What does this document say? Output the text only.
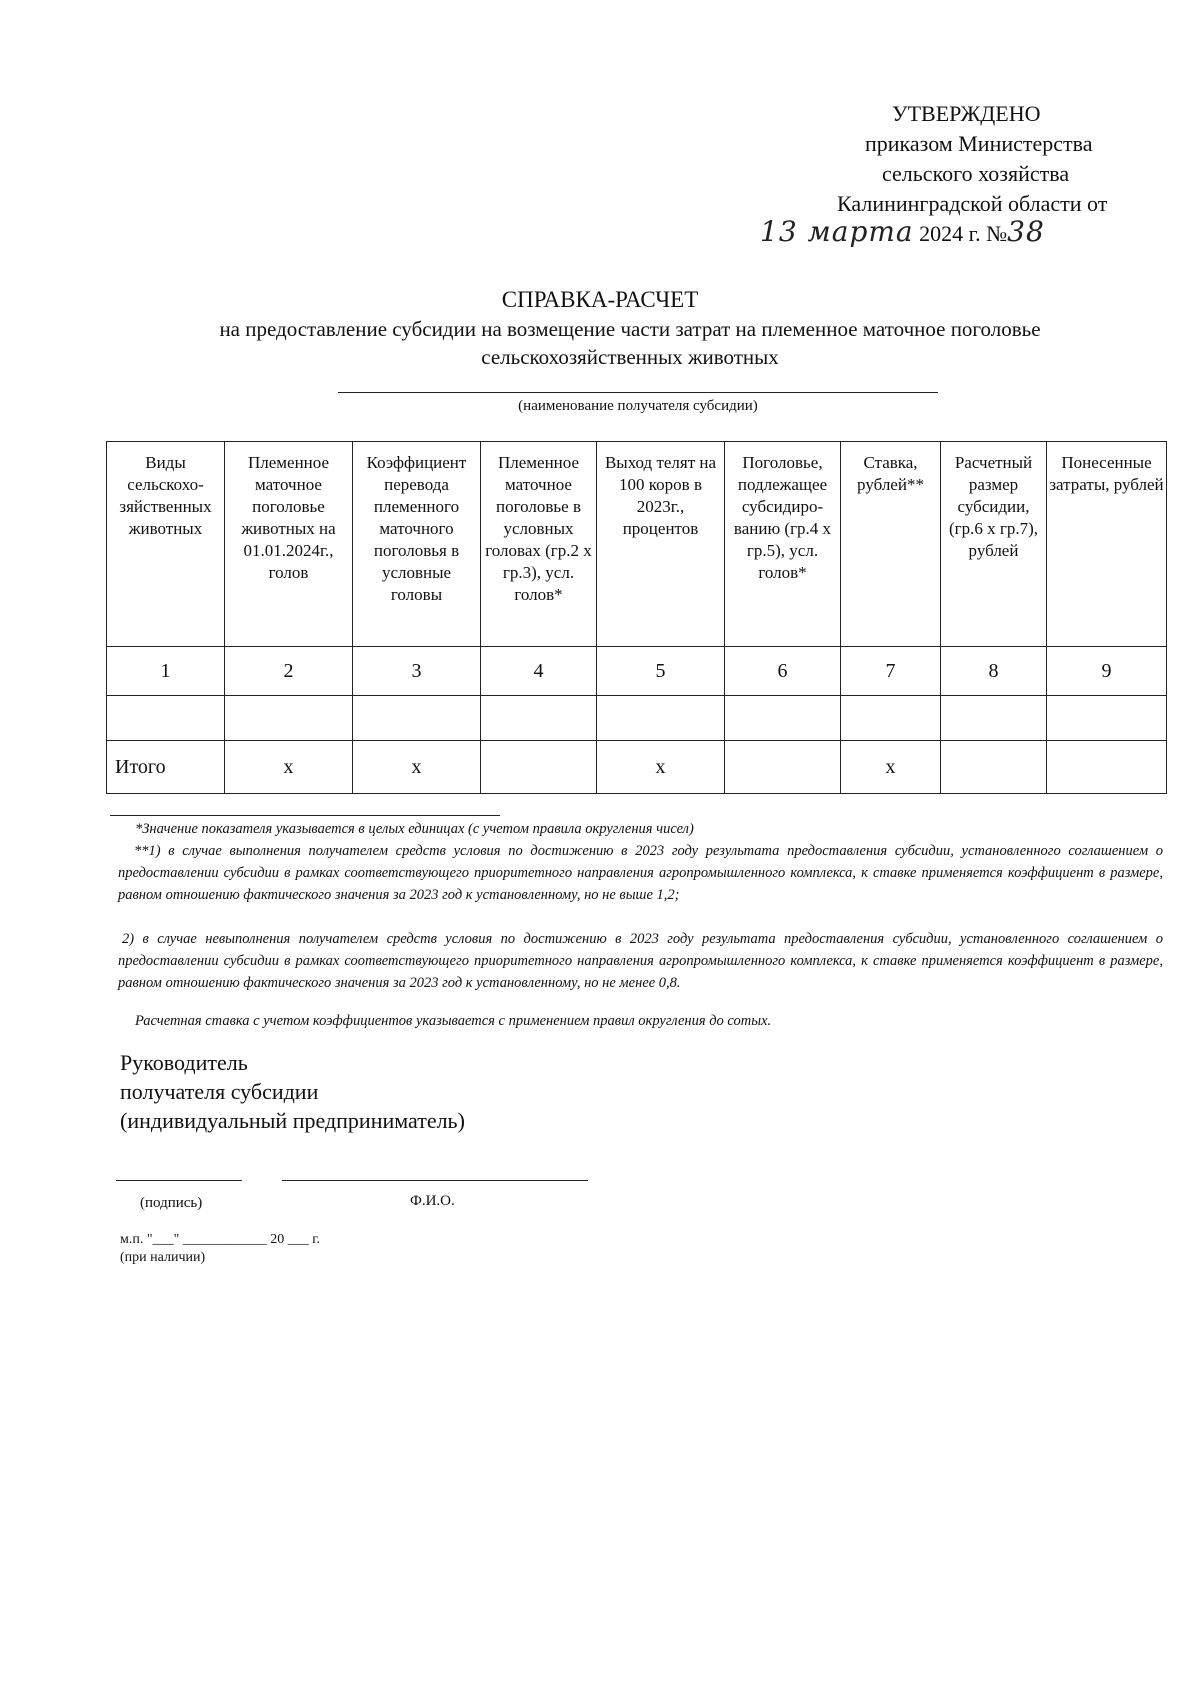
УТВЕРЖДЕНО
приказом Министерства
сельского хозяйства
Калининградской области от
13 марта 2024 г. №38
СПРАВКА-РАСЧЕТ
на предоставление субсидии на возмещение части затрат на племенное маточное поголовье сельскохозяйственных животных
(наименование получателя субсидии)
Виды сельскохо-зяйственных животных	Племенное маточное поголовье животных на 01.01.2024г., голов	Коэффициент перевода племенного маточного поголовья в условные головы	Племенное маточное поголовье в условных головах (гр.2 х гр.3), усл. голов*	Выход телят на 100 коров в 2023г., процентов	Поголовье, подлежащее субсидиро-ванию (гр.4 х гр.5), усл. голов*	Ставка, рублей**	Расчетный размер субсидии, (гр.6 х гр.7), рублей	Понесенные затраты, рублей
1	2	3	4	5	6	7	8	9

Итого	х	х		х		х		
*Значение показателя указывается в целых единицах (с учетом правила округления чисел)
**1) в случае выполнения получателем средств условия по достижению в 2023 году результата предоставления субсидии, установленного соглашением о предоставлении субсидии в рамках соответствующего приоритетного направления агропромышленного комплекса, к ставке применяется коэффициент в размере, равном отношению фактического значения за 2023 год к установленному, но не выше 1,2;
2) в случае невыполнения получателем средств условия по достижению в 2023 году результата предоставления субсидии, установленного соглашением о предоставлении субсидии в рамках соответствующего приоритетного направления агропромышленного комплекса, к ставке применяется коэффициент в размере, равном отношению фактического значения за 2023 год к установленному, но не менее 0,8.
Расчетная ставка с учетом коэффициентов указывается с применением правил округления до сотых.
Руководитель
получателя субсидии
(индивидуальный предприниматель)
(подпись)	Ф.И.О.
м.п. "___" ____________ 20 ___ г.
(при наличии)
